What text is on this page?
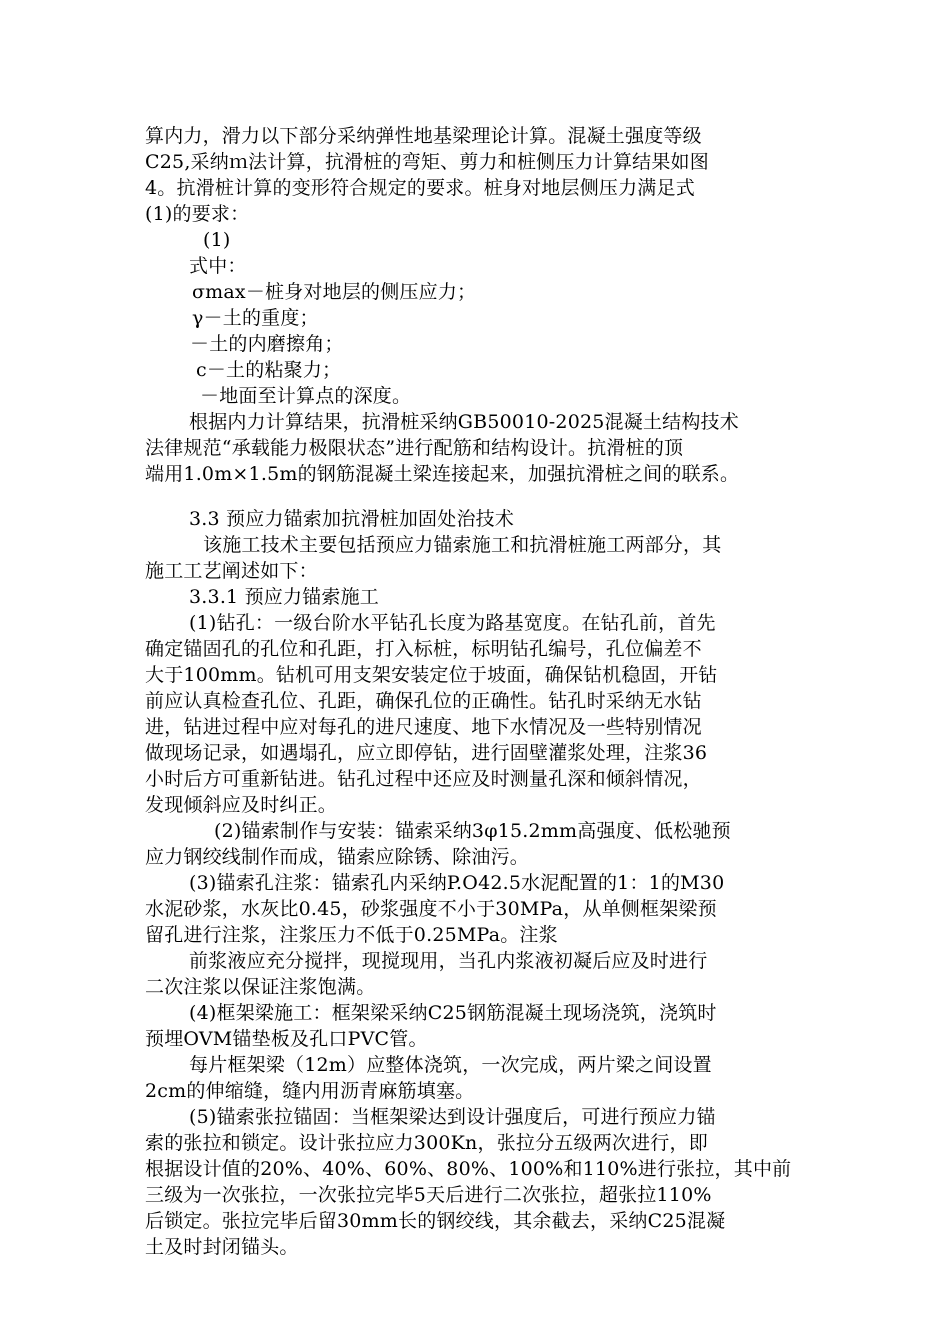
算内力，滑力以下部分采纳弹性地基梁理论计算。混凝土强度等级
C25,采纳ｍ法计算，抗滑桩的弯矩、剪力和桩侧压力计算结果如图
4。抗滑桩计算的变形符合规定的要求。桩身对地层侧压力满足式
(1)的要求：
(1)
式中：
σmax－桩身对地层的侧压应力；
γ－土的重度；
－土的内磨擦角；
c－土的粘聚力；
－地面至计算点的深度。
根据内力计算结果，抗滑桩采纳GB50010-2025混凝土结构技术
法律规范“承载能力极限状态”进行配筋和结构设计。抗滑桩的顶
端用1.0m×1.5m的钢筋混凝土梁连接起来，加强抗滑桩之间的联系。
3.3 预应力锚索加抗滑桩加固处治技术
该施工技术主要包括预应力锚索施工和抗滑桩施工两部分，其
施工工艺阐述如下：
3.3.1 预应力锚索施工
(1)钻孔：一级台阶水平钻孔长度为路基宽度。在钻孔前，首先
确定锚固孔的孔位和孔距，打入标桩，标明钻孔编号，孔位偏差不
大于100mm。钻机可用支架安装定位于坡面，确保钻机稳固，开钻
前应认真检查孔位、孔距，确保孔位的正确性。钻孔时采纳无水钻
进，钻进过程中应对每孔的进尺速度、地下水情况及一些特别情况
做现场记录，如遇塌孔，应立即停钻，进行固壁灌浆处理，注浆36
小时后方可重新钻进。钻孔过程中还应及时测量孔深和倾斜情况，
发现倾斜应及时纠正。
(2)锚索制作与安装：锚索采纳3φ15.2mm高强度、低松驰预
应力钢绞线制作而成，锚索应除锈、除油污。
(3)锚索孔注浆：锚索孔内采纳P.O42.5水泥配置的1：1的M30
水泥砂浆，水灰比0.45，砂浆强度不小于30MPa，从单侧框架梁预
留孔进行注浆，注浆压力不低于0.25MPa。注浆
前浆液应充分搅拌，现搅现用，当孔内浆液初凝后应及时进行
二次注浆以保证注浆饱满。
(4)框架梁施工：框架梁采纳C25钢筋混凝土现场浇筑，浇筑时
预埋OVM锚垫板及孔口PVC管。
每片框架梁（12m）应整体浇筑，一次完成，两片梁之间设置
2cm的伸缩缝，缝内用沥青麻筋填塞。
(5)锚索张拉锚固：当框架梁达到设计强度后，可进行预应力锚
索的张拉和锁定。设计张拉应力300Kn，张拉分五级两次进行，即
根据设计值的20%、40%、60%、80%、100%和110%进行张拉，其中前
三级为一次张拉，一次张拉完毕5天后进行二次张拉，超张拉110%
后锁定。张拉完毕后留30mm长的钢绞线，其余截去，采纳C25混凝
土及时封闭锚头。
